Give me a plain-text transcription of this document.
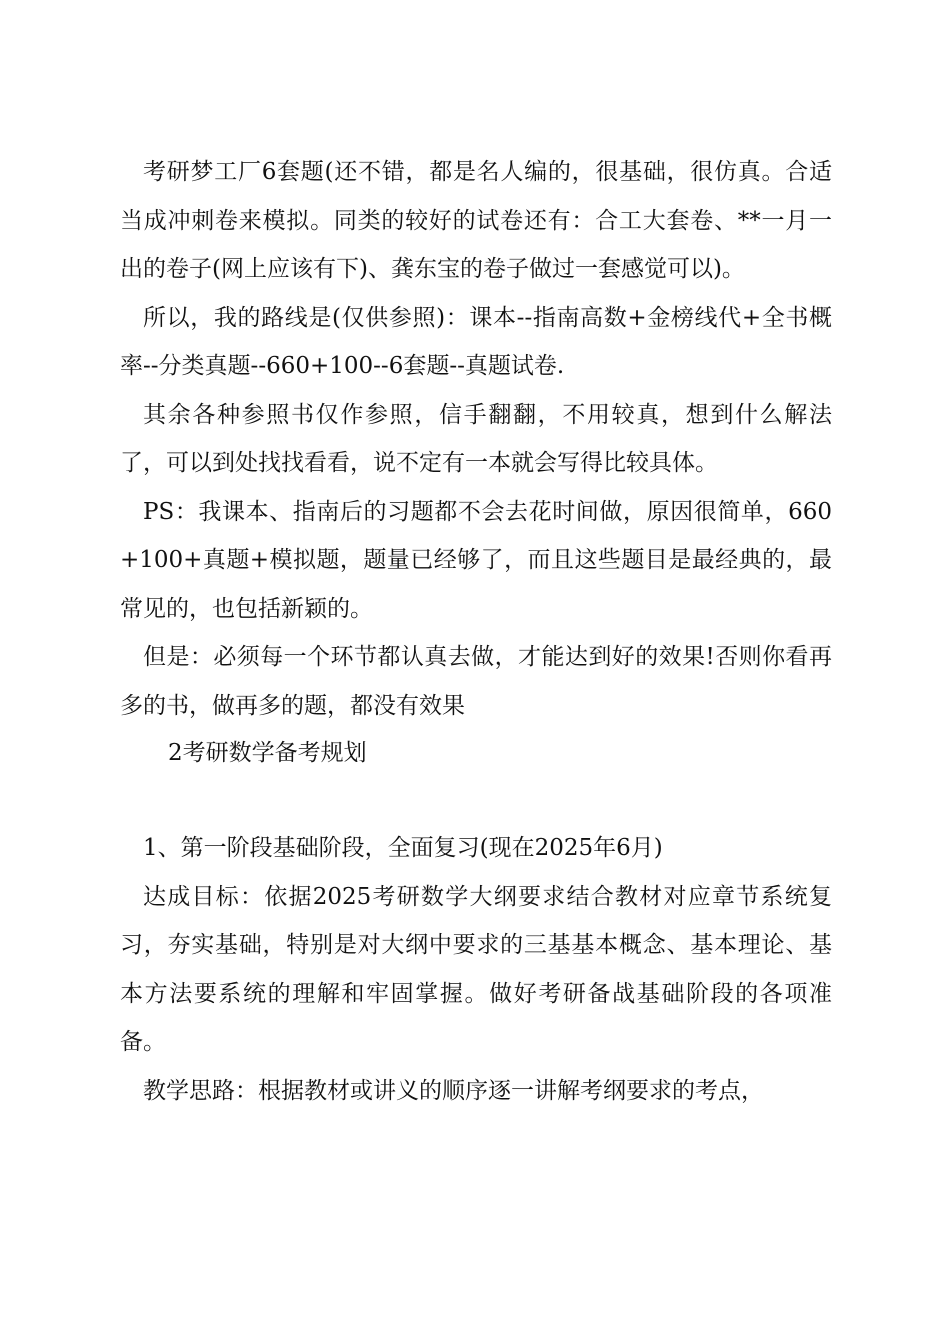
考研梦工厂6套题(还不错，都是名人编的，很基础，很仿真。合适当成冲刺卷来模拟。同类的较好的试卷还有：合工大套卷、**一月一出的卷子(网上应该有下)、龚东宝的卷子做过一套感觉可以)。

所以，我的路线是(仅供参照)：课本--指南高数+金榜线代+全书概率--分类真题--660+100--6套题--真题试卷.

其余各种参照书仅作参照，信手翻翻，不用较真，想到什么解法了，可以到处找找看看，说不定有一本就会写得比较具体。

PS：我课本、指南后的习题都不会去花时间做，原因很简单，660+100+真题+模拟题，题量已经够了，而且这些题目是最经典的，最常见的，也包括新颖的。

但是：必须每一个环节都认真去做，才能达到好的效果!否则你看再多的书，做再多的题，都没有效果

2考研数学备考规划

1、第一阶段基础阶段，全面复习(现在2025年6月)

达成目标：依据2025考研数学大纲要求结合教材对应章节系统复习，夯实基础，特别是对大纲中要求的三基基本概念、基本理论、基本方法要系统的理解和牢固掌握。做好考研备战基础阶段的各项准备。

教学思路：根据教材或讲义的顺序逐一讲解考纲要求的考点，
